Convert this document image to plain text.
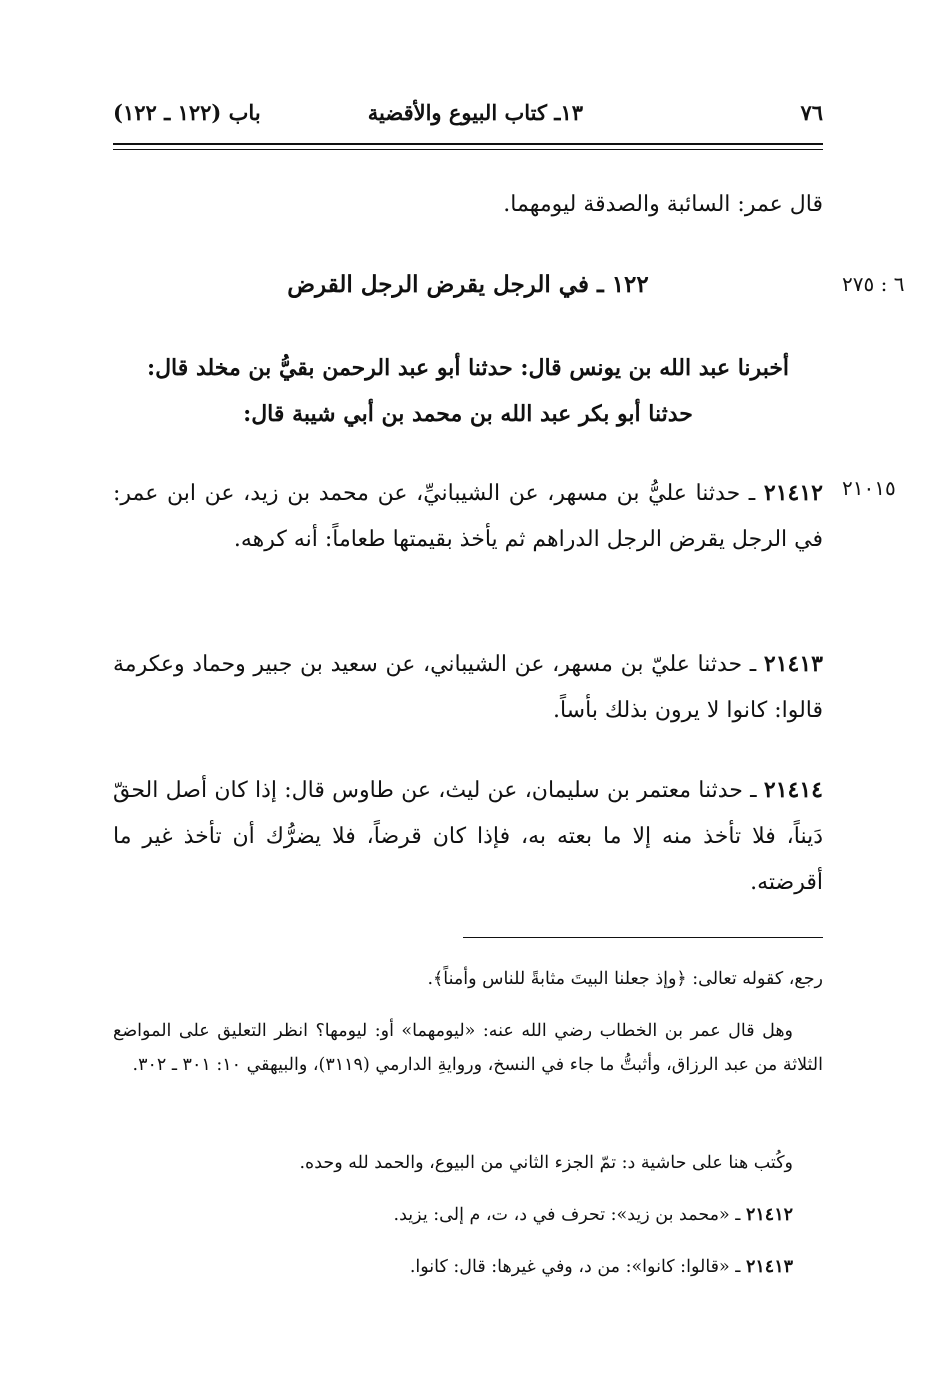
٧٦
١٣ـ كتاب البيوع والأقضية
باب (١٢٢ ـ ١٢٢)
قال عمر: السائبة والصدقة ليومهما.
٦ : ٢٧٥
١٢٢ ـ في الرجل يقرض الرجل القرض
أخبرنا عبد الله بن يونس قال: حدثنا أبو عبد الرحمن بقيُّ بن مخلد قال:
حدثنا أبو بكر عبد الله بن محمد بن أبي شيبة قال:
٢١٠١٥
٢١٤١٢ ـ حدثنا عليُّ بن مسهر، عن الشيبانيِّ، عن محمد بن زيد، عن ابن عمر: في الرجل يقرض الرجل الدراهم ثم يأخذ بقيمتها طعاماً: أنه كرهه.
٢١٤١٣ ـ حدثنا عليّ بن مسهر، عن الشيباني، عن سعيد بن جبير وحماد وعكرمة قالوا: كانوا لا يرون بذلك بأساً.
٢١٤١٤ ـ حدثنا معتمر بن سليمان، عن ليث، عن طاوس قال: إذا كان أصل الحقّ دَيناً، فلا تأخذ منه إلا ما بعته به، فإذا كان قرضاً، فلا يضرُّك أن تأخذ غير ما أقرضته.
رجع، كقوله تعالى: ﴿وإذ جعلنا البيتَ مثابةً للناس وأمناً﴾.
وهل قال عمر بن الخطاب رضي الله عنه: «ليومهما» أو: ليومها؟ انظر التعليق على المواضع الثلاثة من عبد الرزاق، وأثبتُّ ما جاء في النسخ، وروايةِ الدارمي (٣١١٩)، والبيهقي ١٠: ٣٠١ ـ ٣٠٢.
وكُتب هنا على حاشية د: تمّ الجزء الثاني من البيوع، والحمد لله وحده.
٢١٤١٢ ـ «محمد بن زيد»: تحرف في د، ت، م إلى: يزيد.
٢١٤١٣ ـ «قالوا: كانوا»: من د، وفي غيرها: قال: كانوا.
